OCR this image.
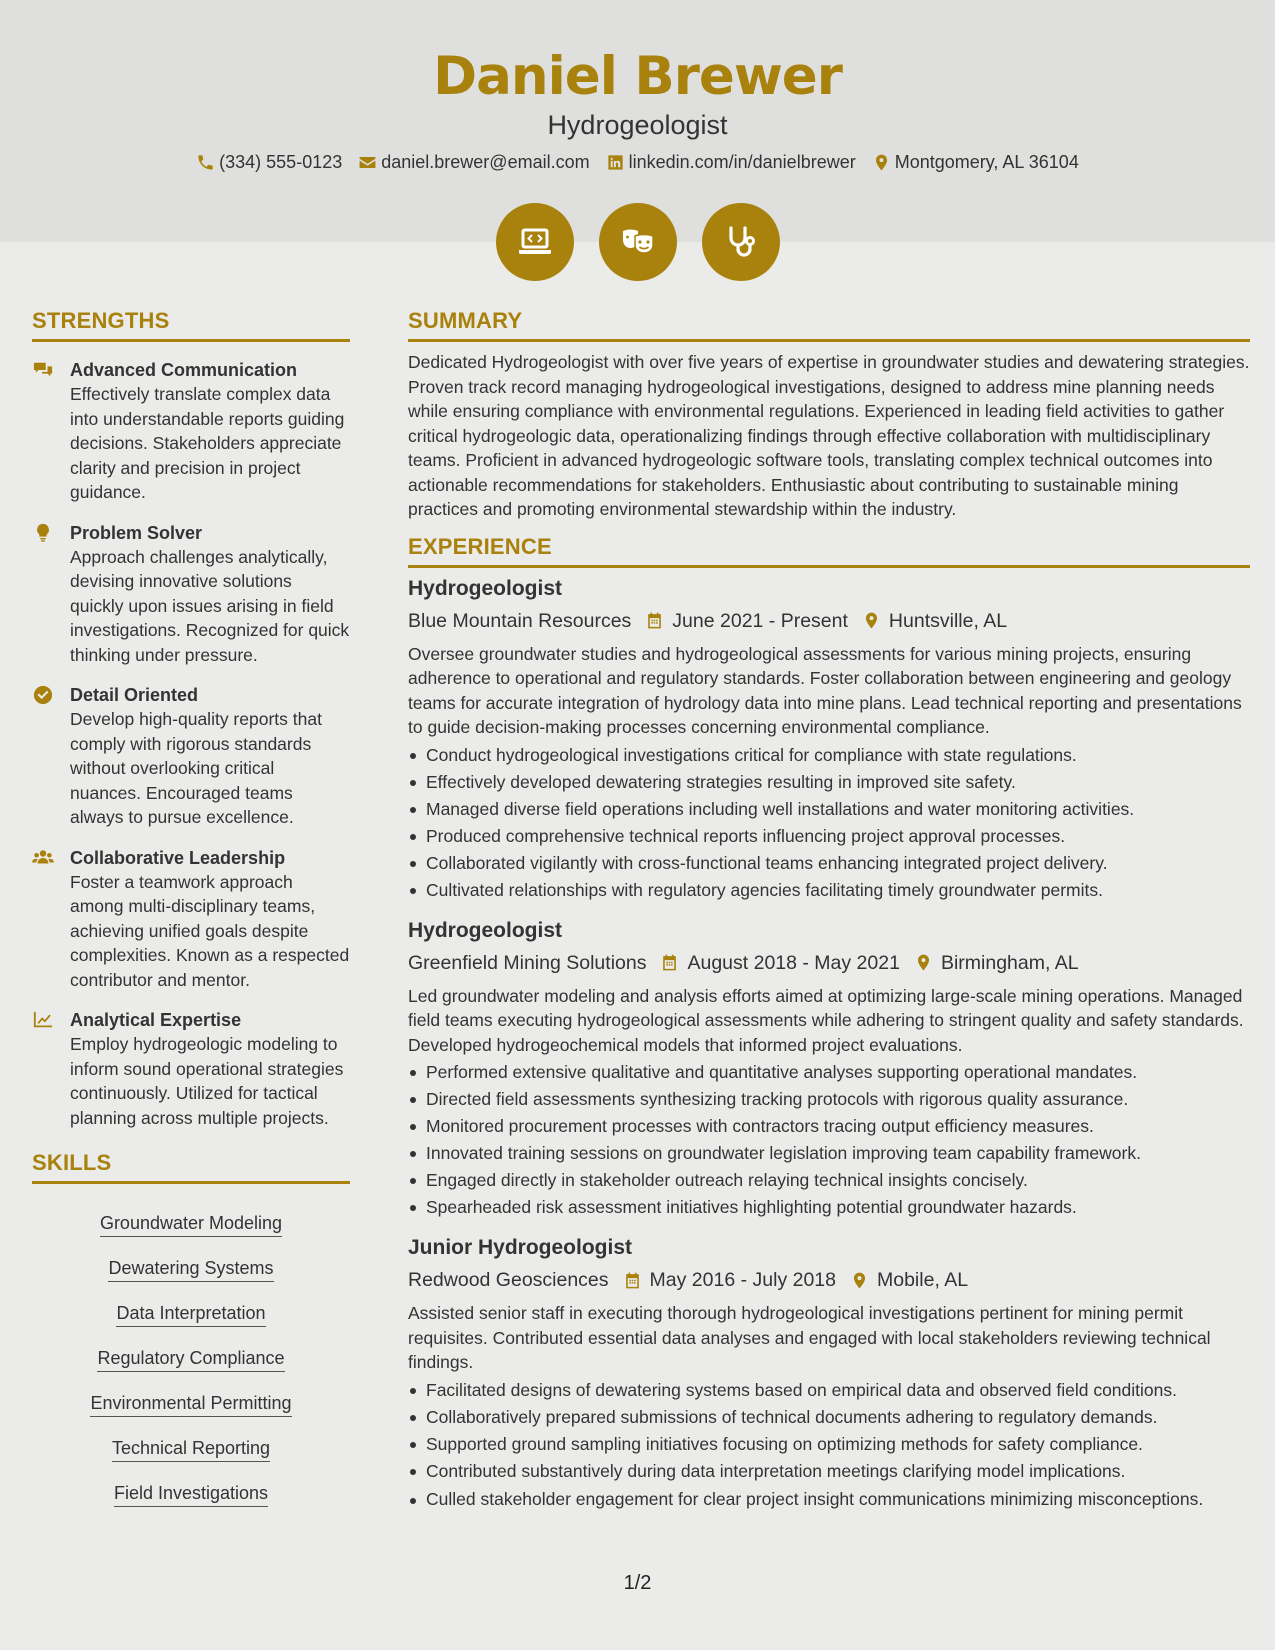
Daniel Brewer
Hydrogeologist
(334) 555-0123 daniel.brewer@email.com linkedin.com/in/danielbrewer Montgomery, AL 36104
STRENGTHS
Advanced Communication
Effectively translate complex data into understandable reports guiding decisions. Stakeholders appreciate clarity and precision in project guidance.
Problem Solver
Approach challenges analytically, devising innovative solutions quickly upon issues arising in field investigations. Recognized for quick thinking under pressure.
Detail Oriented
Develop high-quality reports that comply with rigorous standards without overlooking critical nuances. Encouraged teams always to pursue excellence.
Collaborative Leadership
Foster a teamwork approach among multi-disciplinary teams, achieving unified goals despite complexities. Known as a respected contributor and mentor.
Analytical Expertise
Employ hydrogeologic modeling to inform sound operational strategies continuously. Utilized for tactical planning across multiple projects.
SKILLS
Groundwater Modeling
Dewatering Systems
Data Interpretation
Regulatory Compliance
Environmental Permitting
Technical Reporting
Field Investigations
SUMMARY
Dedicated Hydrogeologist with over five years of expertise in groundwater studies and dewatering strategies. Proven track record managing hydrogeological investigations, designed to address mine planning needs while ensuring compliance with environmental regulations. Experienced in leading field activities to gather critical hydrogeologic data, operationalizing findings through effective collaboration with multidisciplinary teams. Proficient in advanced hydrogeologic software tools, translating complex technical outcomes into actionable recommendations for stakeholders. Enthusiastic about contributing to sustainable mining practices and promoting environmental stewardship within the industry.
EXPERIENCE
Hydrogeologist
Blue Mountain Resources June 2021 - Present Huntsville, AL
Oversee groundwater studies and hydrogeological assessments for various mining projects, ensuring adherence to operational and regulatory standards. Foster collaboration between engineering and geology teams for accurate integration of hydrology data into mine plans. Lead technical reporting and presentations to guide decision-making processes concerning environmental compliance.
Conduct hydrogeological investigations critical for compliance with state regulations.
Effectively developed dewatering strategies resulting in improved site safety.
Managed diverse field operations including well installations and water monitoring activities.
Produced comprehensive technical reports influencing project approval processes.
Collaborated vigilantly with cross-functional teams enhancing integrated project delivery.
Cultivated relationships with regulatory agencies facilitating timely groundwater permits.
Hydrogeologist
Greenfield Mining Solutions August 2018 - May 2021 Birmingham, AL
Led groundwater modeling and analysis efforts aimed at optimizing large-scale mining operations. Managed field teams executing hydrogeological assessments while adhering to stringent quality and safety standards. Developed hydrogeochemical models that informed project evaluations.
Performed extensive qualitative and quantitative analyses supporting operational mandates.
Directed field assessments synthesizing tracking protocols with rigorous quality assurance.
Monitored procurement processes with contractors tracing output efficiency measures.
Innovated training sessions on groundwater legislation improving team capability framework.
Engaged directly in stakeholder outreach relaying technical insights concisely.
Spearheaded risk assessment initiatives highlighting potential groundwater hazards.
Junior Hydrogeologist
Redwood Geosciences May 2016 - July 2018 Mobile, AL
Assisted senior staff in executing thorough hydrogeological investigations pertinent for mining permit requisites. Contributed essential data analyses and engaged with local stakeholders reviewing technical findings.
Facilitated designs of dewatering systems based on empirical data and observed field conditions.
Collaboratively prepared submissions of technical documents adhering to regulatory demands.
Supported ground sampling initiatives focusing on optimizing methods for safety compliance.
Contributed substantively during data interpretation meetings clarifying model implications.
Culled stakeholder engagement for clear project insight communications minimizing misconceptions.
1/2
